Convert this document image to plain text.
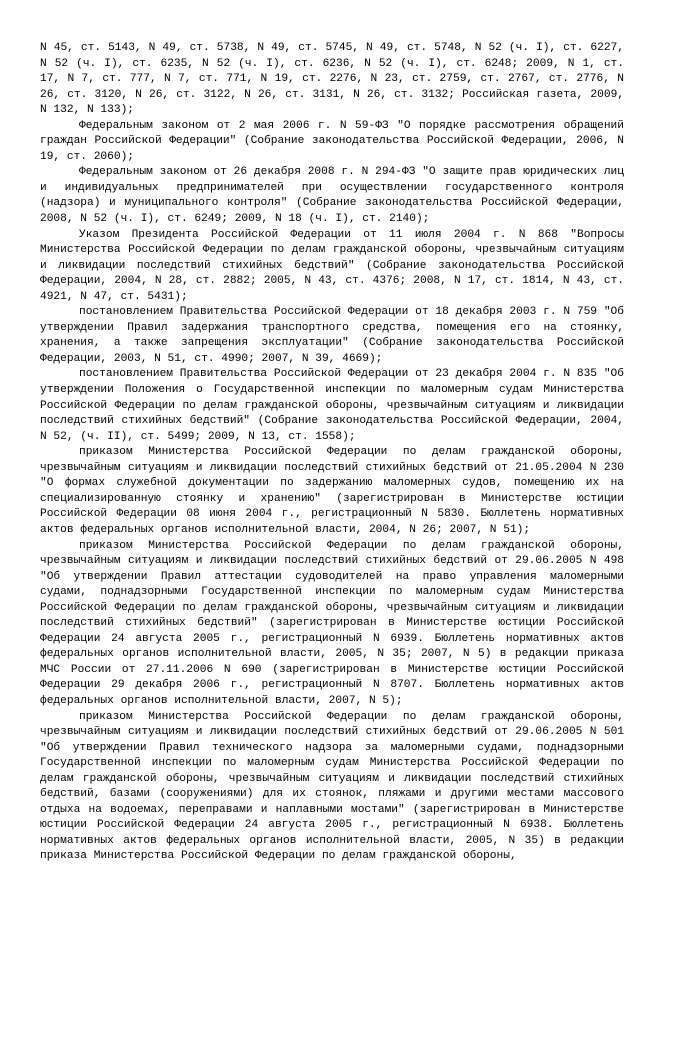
N 45, ст. 5143, N 49, ст. 5738, N 49, ст. 5745, N 49, ст. 5748, N 52 (ч. I), ст. 6227, N 52 (ч. I), ст. 6235, N 52 (ч. I), ст. 6236, N 52 (ч. I), ст. 6248; 2009, N 1, ст. 17, N 7, ст. 777, N 7, ст. 771, N 19, ст. 2276, N 23, ст. 2759, ст. 2767, ст. 2776, N 26, ст. 3120, N 26, ст. 3122, N 26, ст. 3131, N 26, ст. 3132; Российская газета, 2009, N 132, N 133);

Федеральным законом от 2 мая 2006 г. N 59-ФЗ "О порядке рассмотрения обращений граждан Российской Федерации" (Собрание законодательства Российской Федерации, 2006, N 19, ст. 2060);

Федеральным законом от 26 декабря 2008 г. N 294-ФЗ "О защите прав юридических лиц и индивидуальных предпринимателей при осуществлении государственного контроля (надзора) и муниципального контроля" (Собрание законодательства Российской Федерации, 2008, N 52 (ч. I), ст. 6249; 2009, N 18 (ч. I), ст. 2140);

Указом Президента Российской Федерации от 11 июля 2004 г. N 868 "Вопросы Министерства Российской Федерации по делам гражданской обороны, чрезвычайным ситуациям и ликвидации последствий стихийных бедствий" (Собрание законодательства Российской Федерации, 2004, N 28, ст. 2882; 2005, N 43, ст. 4376; 2008, N 17, ст. 1814, N 43, ст. 4921, N 47, ст. 5431);

постановлением Правительства Российской Федерации от 18 декабря 2003 г. N 759 "Об утверждении Правил задержания транспортного средства, помещения его на стоянку, хранения, а также запрещения эксплуатации" (Собрание законодательства Российской Федерации, 2003, N 51, ст. 4990; 2007, N 39, 4669);

постановлением Правительства Российской Федерации от 23 декабря 2004 г. N 835 "Об утверждении Положения о Государственной инспекции по маломерным судам Министерства Российской Федерации по делам гражданской обороны, чрезвычайным ситуациям и ликвидации последствий стихийных бедствий" (Собрание законодательства Российской Федерации, 2004, N 52, (ч. II), ст. 5499; 2009, N 13, ст. 1558);

приказом Министерства Российской Федерации по делам гражданской обороны, чрезвычайным ситуациям и ликвидации последствий стихийных бедствий от 21.05.2004 N 230 "О формах служебной документации по задержанию маломерных судов, помещению их на специализированную стоянку и хранению" (зарегистрирован в Министерстве юстиции Российской Федерации 08 июня 2004 г., регистрационный N 5830. Бюллетень нормативных актов федеральных органов исполнительной власти, 2004, N 26; 2007, N 51);

приказом Министерства Российской Федерации по делам гражданской обороны, чрезвычайным ситуациям и ликвидации последствий стихийных бедствий от 29.06.2005 N 498 "Об утверждении Правил аттестации судоводителей на право управления маломерными судами, поднадзорными Государственной инспекции по маломерным судам Министерства Российской Федерации по делам гражданской обороны, чрезвычайным ситуациям и ликвидации последствий стихийных бедствий" (зарегистрирован в Министерстве юстиции Российской Федерации 24 августа 2005 г., регистрационный N 6939. Бюллетень нормативных актов федеральных органов исполнительной власти, 2005, N 35; 2007, N 5) в редакции приказа МЧС России от 27.11.2006 N 690 (зарегистрирован в Министерстве юстиции Российской Федерации 29 декабря 2006 г., регистрационный N 8707. Бюллетень нормативных актов федеральных органов исполнительной власти, 2007, N 5);

приказом Министерства Российской Федерации по делам гражданской обороны, чрезвычайным ситуациям и ликвидации последствий стихийных бедствий от 29.06.2005 N 501 "Об утверждении Правил технического надзора за маломерными судами, поднадзорными Государственной инспекции по маломерным судам Министерства Российской Федерации по делам гражданской обороны, чрезвычайным ситуациям и ликвидации последствий стихийных бедствий, базами (сооружениями) для их стоянок, пляжами и другими местами массового отдыха на водоемах, переправами и наплавными мостами" (зарегистрирован в Министерстве юстиции Российской Федерации 24 августа 2005 г., регистрационный N 6938. Бюллетень нормативных актов федеральных органов исполнительной власти, 2005, N 35) в редакции приказа Министерства Российской Федерации по делам гражданской обороны,
